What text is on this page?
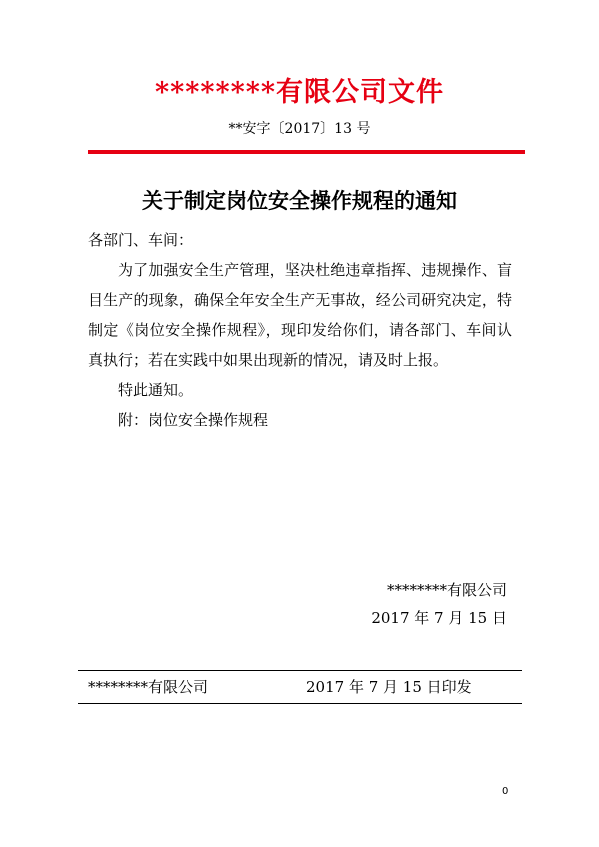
********有限公司文件
**安字〔2017〕13 号
关于制定岗位安全操作规程的通知

各部门、车间：

为了加强安全生产管理，坚决杜绝违章指挥、违规操作、盲目生产的现象，确保全年安全生产无事故，经公司研究决定，特制定《岗位安全操作规程》，现印发给你们，请各部门、车间认真执行；若在实践中如果出现新的情况，请及时上报。

特此通知。

附：岗位安全操作规程

********有限公司
2017 年 7 月 15 日
********有限公司	2017 年 7 月 15 日印发
0
